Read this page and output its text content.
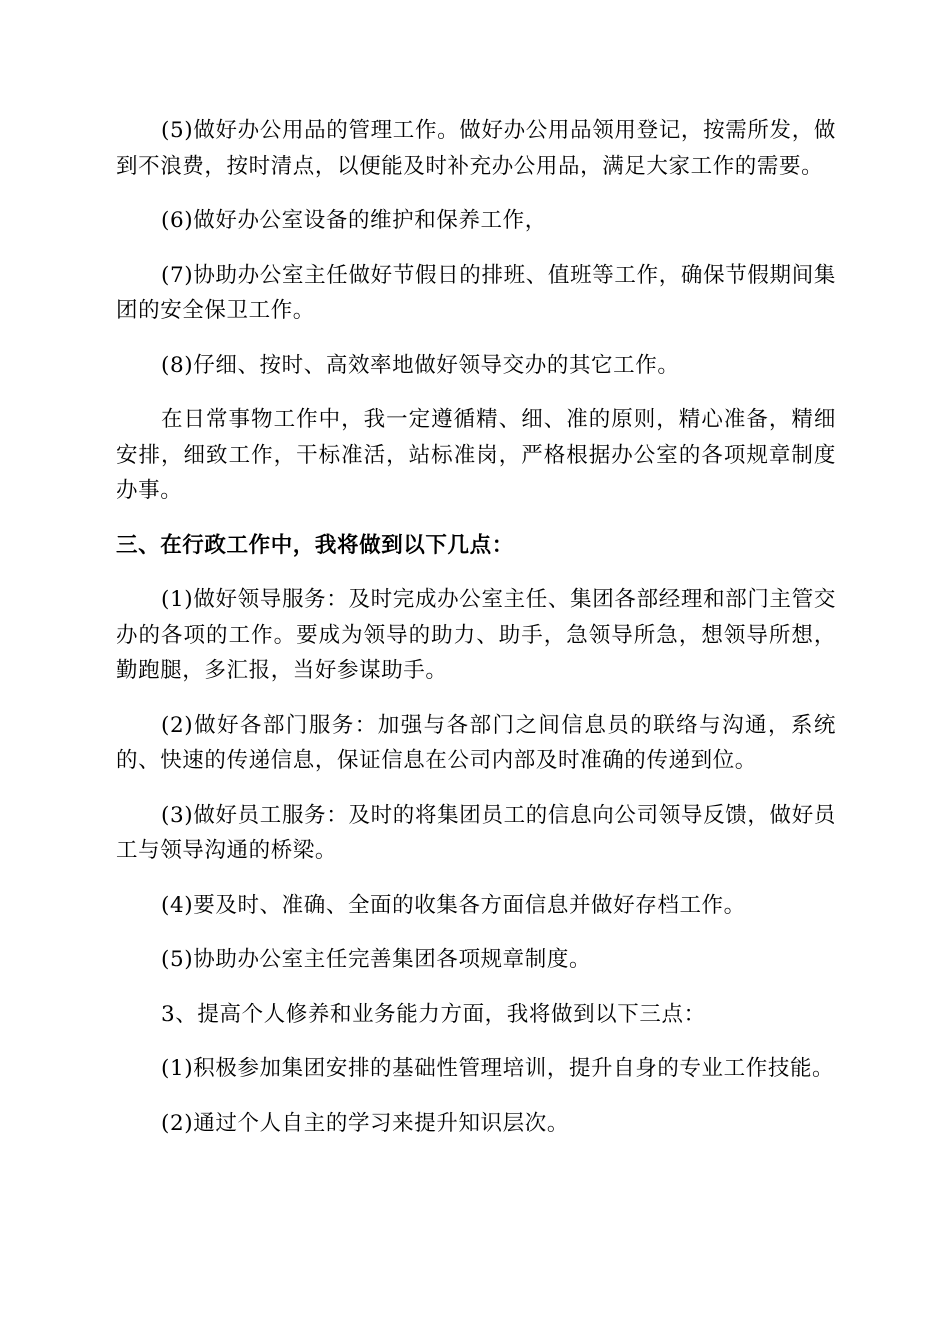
(5)做好办公用品的管理工作。做好办公用品领用登记，按需所发，做到不浪费，按时清点，以便能及时补充办公用品，满足大家工作的需要。

(6)做好办公室设备的维护和保养工作，

(7)协助办公室主任做好节假日的排班、值班等工作，确保节假期间集团的安全保卫工作。

(8)仔细、按时、高效率地做好领导交办的其它工作。

在日常事物工作中，我一定遵循精、细、准的原则，精心准备，精细安排，细致工作，干标准活，站标准岗，严格根据办公室的各项规章制度办事。

三、在行政工作中，我将做到以下几点：

(1)做好领导服务：及时完成办公室主任、集团各部经理和部门主管交办的各项的工作。要成为领导的助力、助手，急领导所急，想领导所想，勤跑腿，多汇报，当好参谋助手。

(2)做好各部门服务：加强与各部门之间信息员的联络与沟通，系统的、快速的传递信息，保证信息在公司内部及时准确的传递到位。

(3)做好员工服务：及时的将集团员工的信息向公司领导反馈，做好员工与领导沟通的桥梁。

(4)要及时、准确、全面的收集各方面信息并做好存档工作。

(5)协助办公室主任完善集团各项规章制度。

3、提高个人修养和业务能力方面，我将做到以下三点：

(1)积极参加集团安排的基础性管理培训，提升自身的专业工作技能。

(2)通过个人自主的学习来提升知识层次。
